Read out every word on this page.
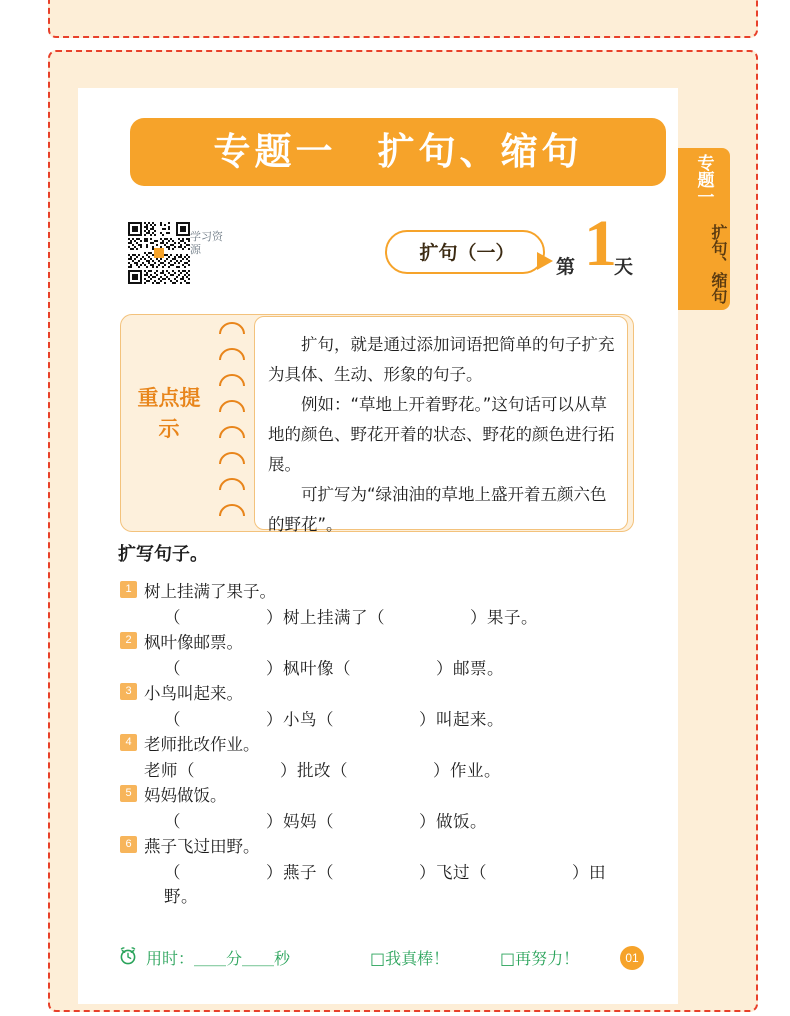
专题一　扩句、缩句
专题一
扩句、缩句
学习资源	扩句（一）
第 1
天
重点提示

扩句，就是通过添加词语把简单的句子扩充为具体、生动、形象的句子。

例如：“草地上开着野花。”这句话可以从草地的颜色、野花开着的状态、野花的颜色进行拓展。

可扩写为“绿油油的草地上盛开着五颜六色的野花”。

扩写句子。
1 树上挂满了果子。
（　　　　　）树上挂满了（　　　　　）果子。
2 枫叶像邮票。
（　　　　　）枫叶像（　　　　　）邮票。
3 小鸟叫起来。
（　　　　　）小鸟（　　　　　）叫起来。
4 老师批改作业。
老师（　　　　　）批改（　　　　　）作业。
5 妈妈做饭。
（　　　　　）妈妈（　　　　　）做饭。
6 燕子飞过田野。
（　　　　　）燕子（　　　　　）飞过（　　　　　）田野。
用时：＿＿分＿＿秒	□我真棒！	□再努力！	01
